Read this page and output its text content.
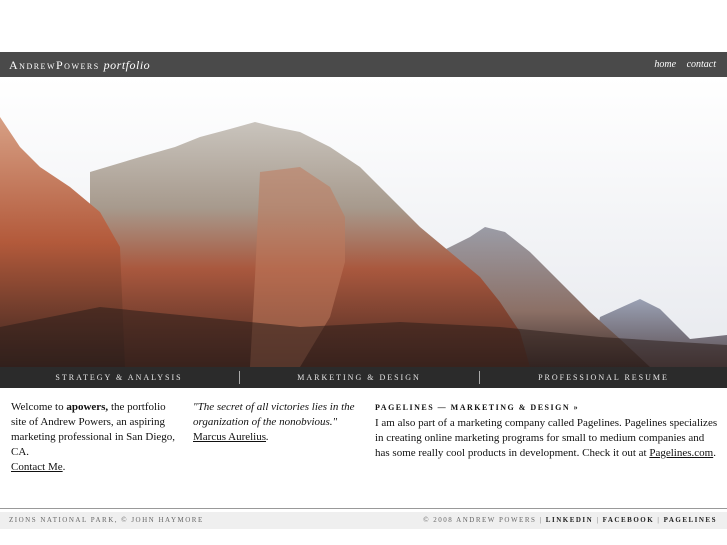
AndrewPowers portfolio	home contact
STRATEGY & ANALYSIS	MARKETING & DESIGN	PROFESSIONAL RESUME
Welcome to apowers, the portfolio site of Andrew Powers, an aspiring marketing professional in San Diego, CA.
Contact Me.
"The secret of all victories lies in the organization of the nonobvious."
Marcus Aurelius.
PAGELINES — MARKETING & DESIGN »
I am also part of a marketing company called Pagelines. Pagelines specializes in creating online marketing programs for small to medium companies and has some really cool products in development. Check it out at Pagelines.com.
ZIONS NATIONAL PARK, © JOHN HAYMORE	© 2008 ANDREW POWERS | LINKEDIN | FACEBOOK | PAGELINES
